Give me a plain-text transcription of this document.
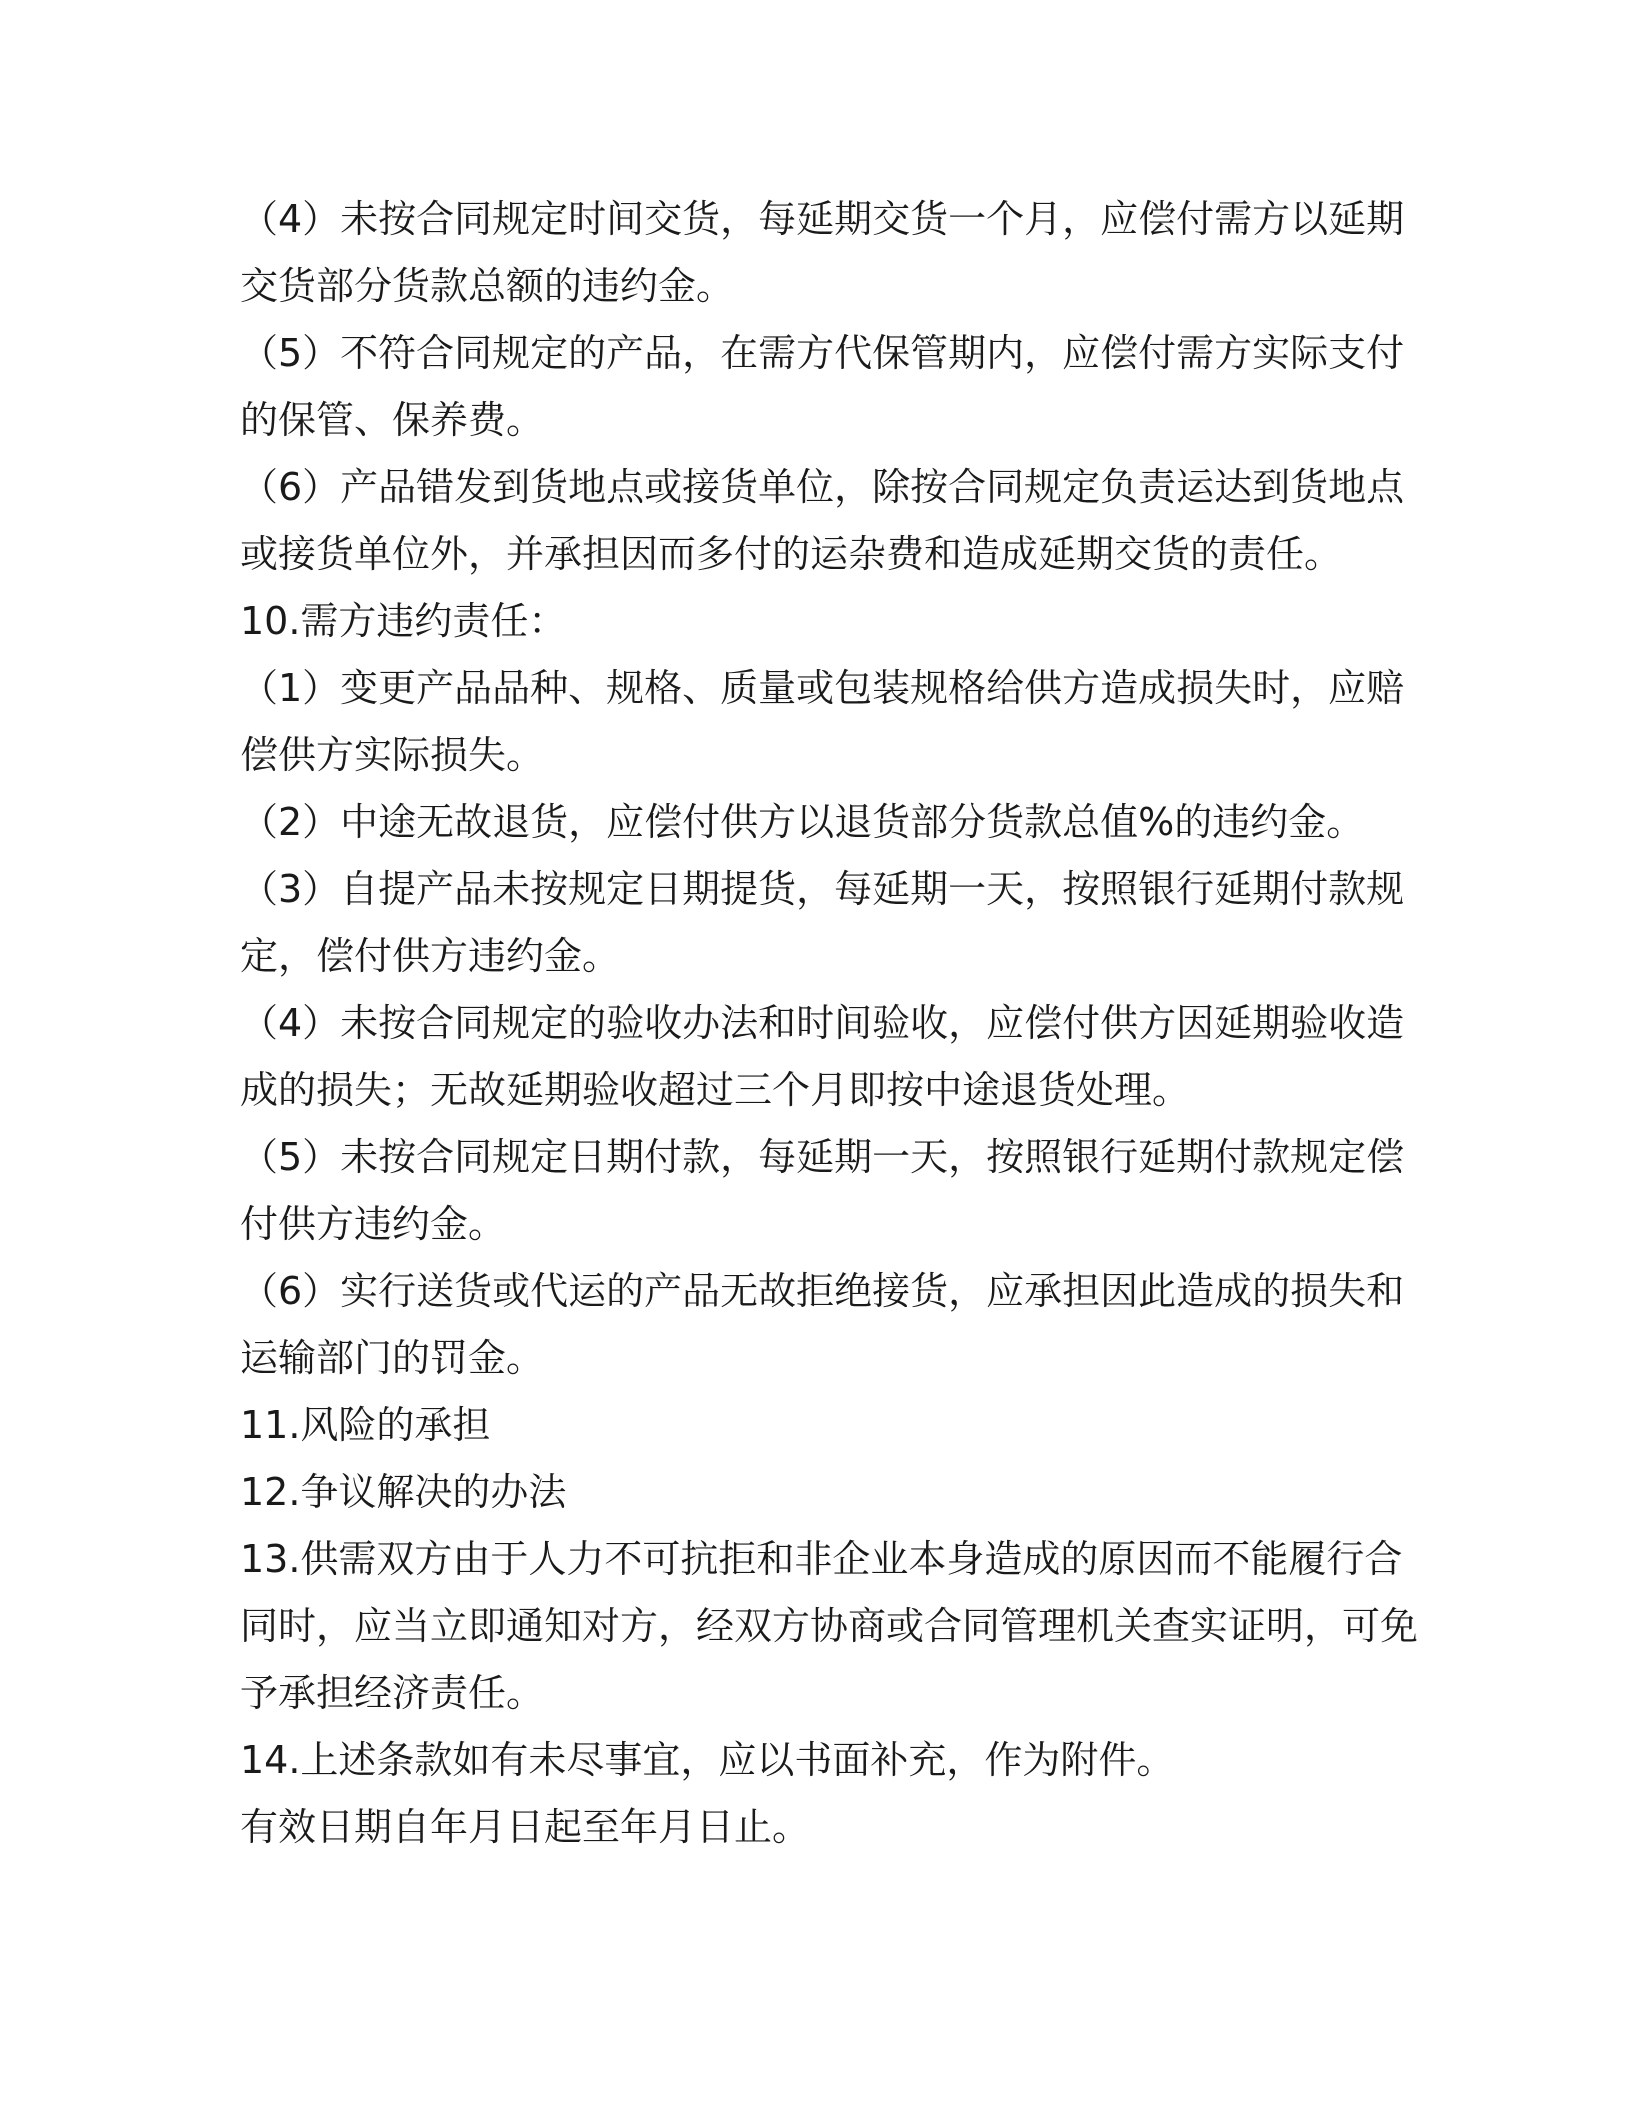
（4）未按合同规定时间交货，每延期交货一个月，应偿付需方以延期
交货部分货款总额的违约金。
（5）不符合同规定的产品，在需方代保管期内，应偿付需方实际支付
的保管、保养费。
（6）产品错发到货地点或接货单位，除按合同规定负责运达到货地点
或接货单位外，并承担因而多付的运杂费和造成延期交货的责任。
10.需方违约责任：
（1）变更产品品种、规格、质量或包装规格给供方造成损失时，应赔
偿供方实际损失。
（2）中途无故退货，应偿付供方以退货部分货款总值%的违约金。
（3）自提产品未按规定日期提货，每延期一天，按照银行延期付款规
定，偿付供方违约金。
（4）未按合同规定的验收办法和时间验收，应偿付供方因延期验收造
成的损失；无故延期验收超过三个月即按中途退货处理。
（5）未按合同规定日期付款，每延期一天，按照银行延期付款规定偿
付供方违约金。
（6）实行送货或代运的产品无故拒绝接货，应承担因此造成的损失和
运输部门的罚金。
11.风险的承担
12.争议解决的办法
13.供需双方由于人力不可抗拒和非企业本身造成的原因而不能履行合
同时，应当立即通知对方，经双方协商或合同管理机关查实证明，可免
予承担经济责任。
14.上述条款如有未尽事宜，应以书面补充，作为附件。
有效日期自年月日起至年月日止。
